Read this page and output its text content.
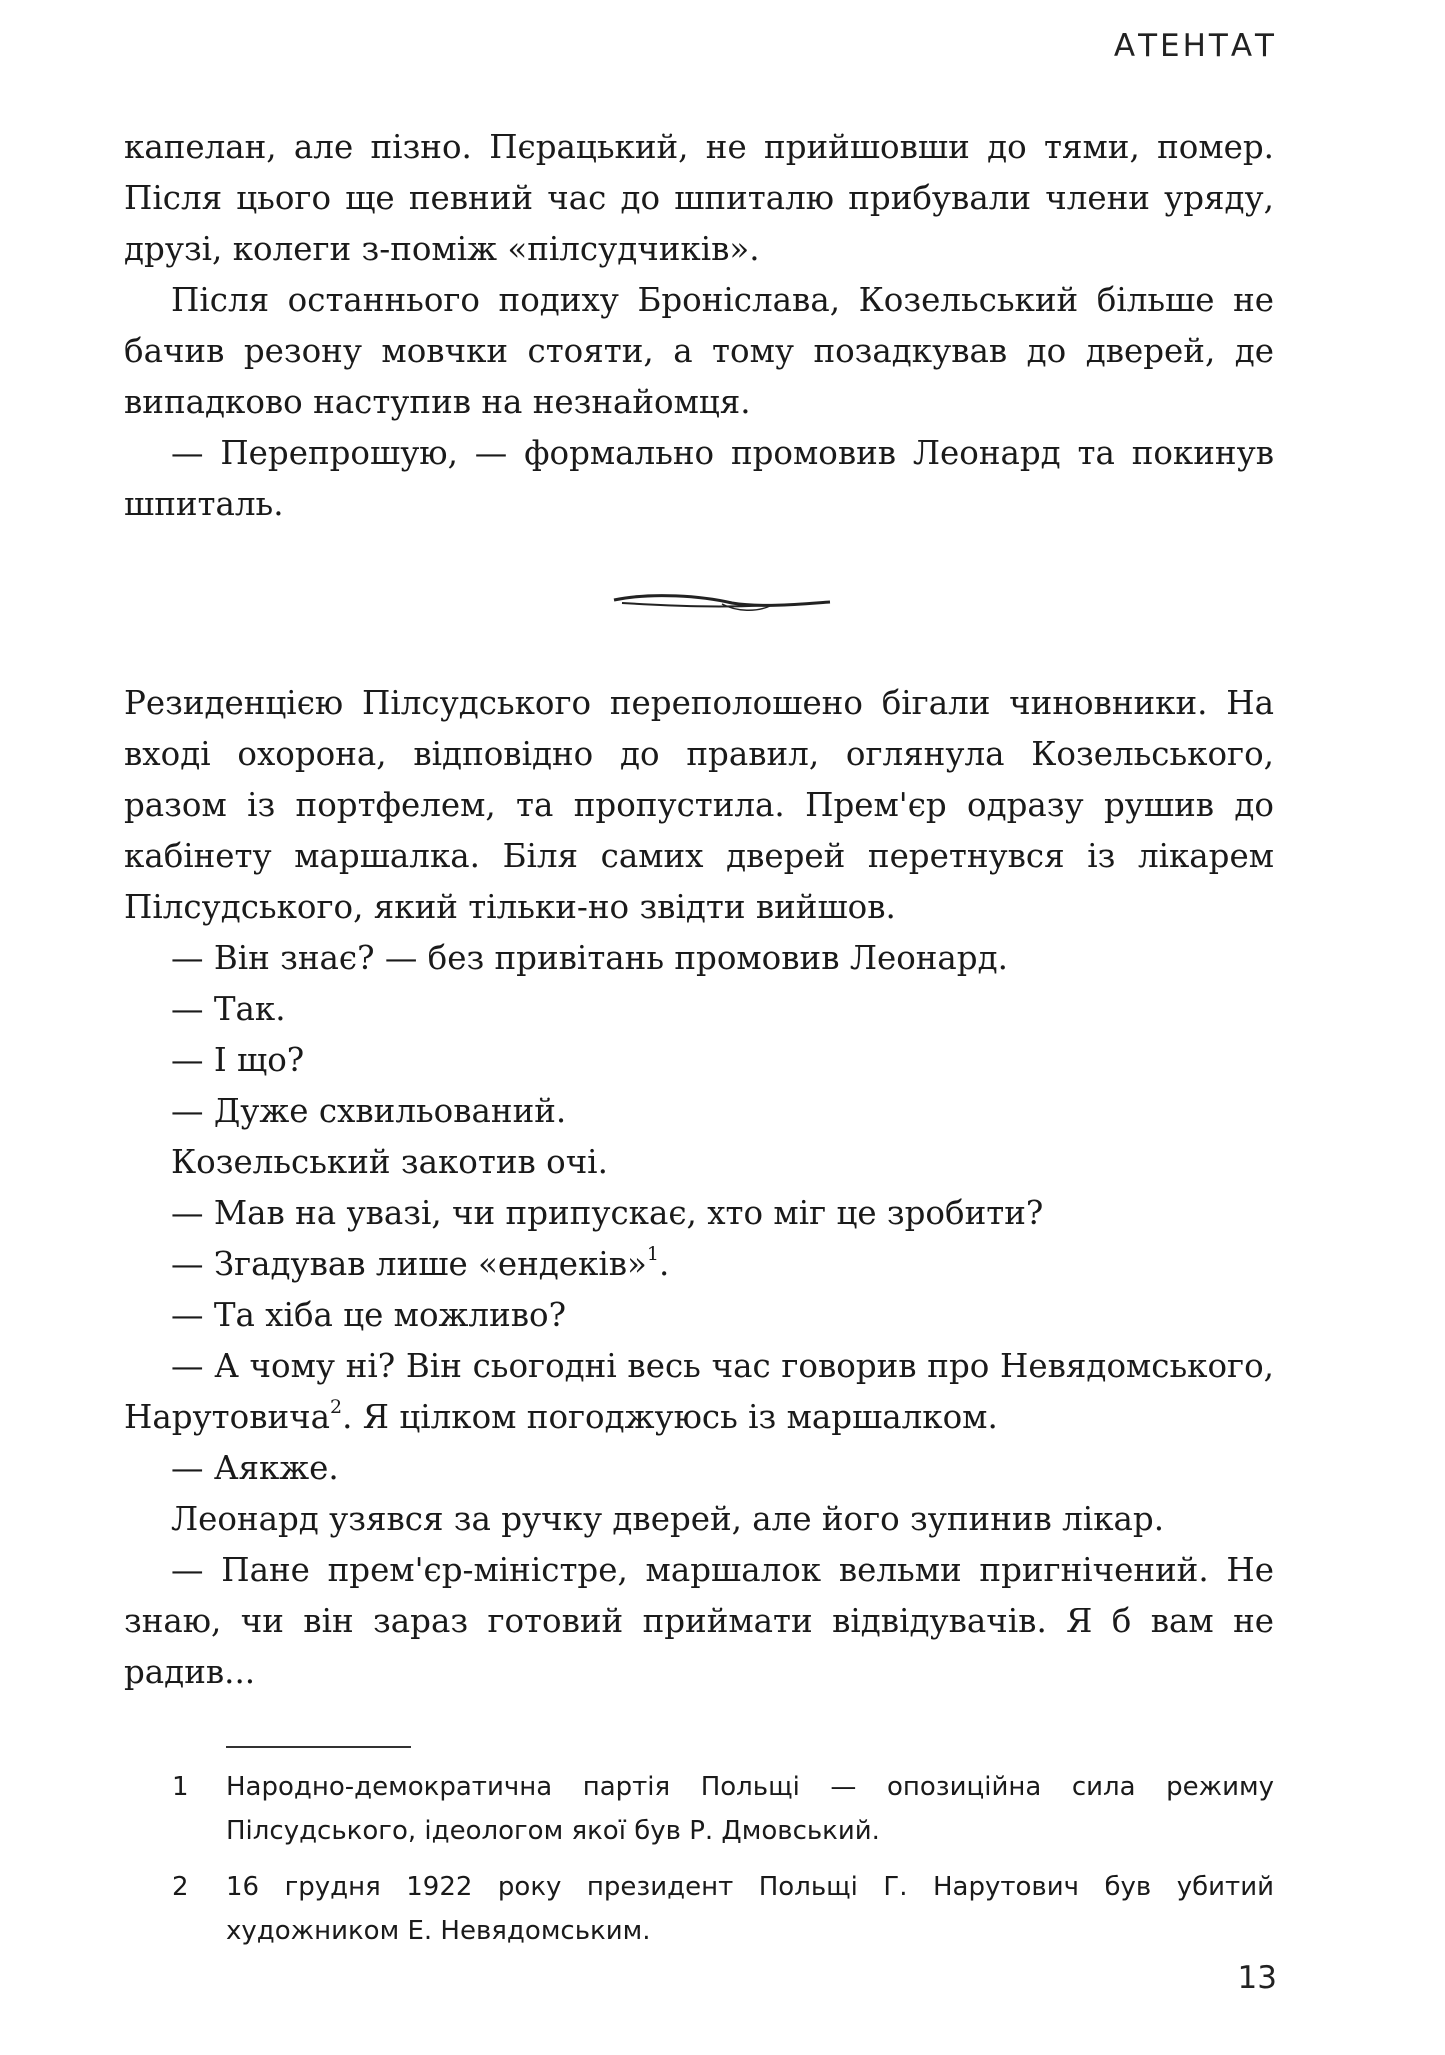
АТЕНТАТ

капелан, але пізно. Пєрацький, не прийшовши до тями, помер. Після цього ще певний час до шпиталю прибували члени уряду, друзі, колеги з-поміж «пілсудчиків».

Після останнього подиху Броніслава, Козельський більше не бачив резону мовчки стояти, а тому позадкував до дверей, де випадково наступив на незнайомця.

— Перепрошую, — формально промовив Леонард та покинув шпиталь.

Резиденцією Пілсудського переполошено бігали чиновники. На вході охорона, відповідно до правил, оглянула Козельського, разом із портфелем, та пропустила. Прем'єр одразу рушив до кабінету маршалка. Біля самих дверей перетнувся із лікарем Пілсудського, який тільки-но звідти вийшов.

— Він знає? — без привітань промовив Леонард.

— Так.

— І що?

— Дуже схвильований.

Козельський закотив очі.

— Мав на увазі, чи припускає, хто міг це зробити?

— Згадував лише «ендеків»$^1$.

— Та хіба це можливо?

— А чому ні? Він сьогодні весь час говорив про Невядомського, Нарутовича$^2$. Я цілком погоджуюсь із маршалком.

— Аякже.

Леонард узявся за ручку дверей, але його зупинив лікар.

— Пане прем'єр-міністре, маршалок вельми пригнічений. Не знаю, чи він зараз готовий приймати відвідувачів. Я б вам не радив...

1	Народно-демократична партія Польщі — опозиційна сила режиму Пілсудського, ідеологом якої був Р. Дмовський.
2	16 грудня 1922 року президент Польщі Г. Нарутович був убитий художником Е. Невядомським.
13
